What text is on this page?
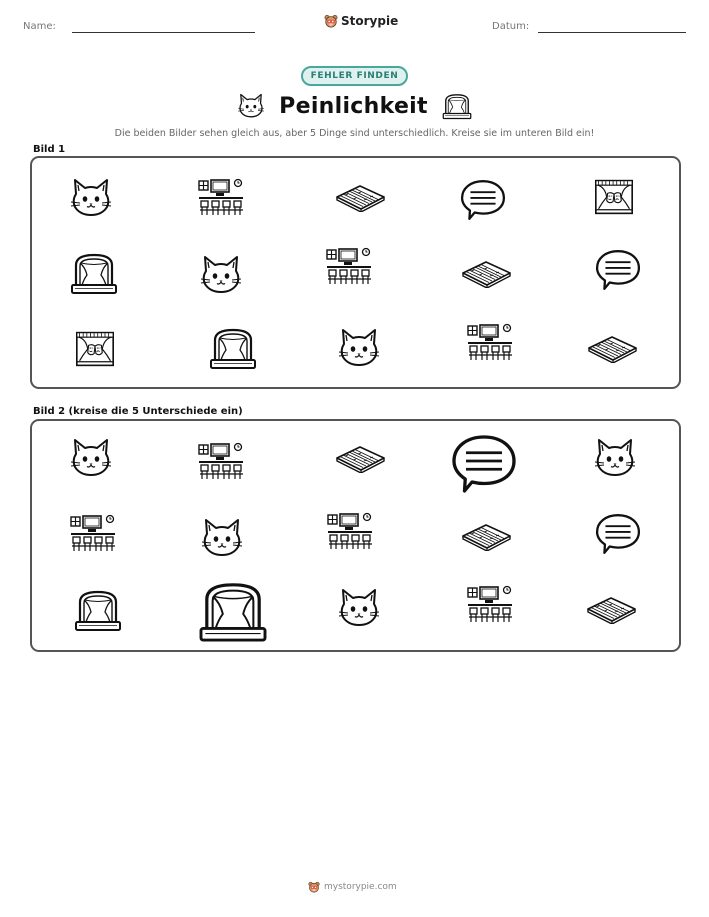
Name:	Storypie	Datum:
FEHLER FINDEN
Peinlichkeit
Die beiden Bilder sehen gleich aus, aber 5 Dinge sind unterschiedlich. Kreise sie im unteren Bild ein!
Bild 1
Bild 2 (kreise die 5 Unterschiede ein)
mystorypie.com
